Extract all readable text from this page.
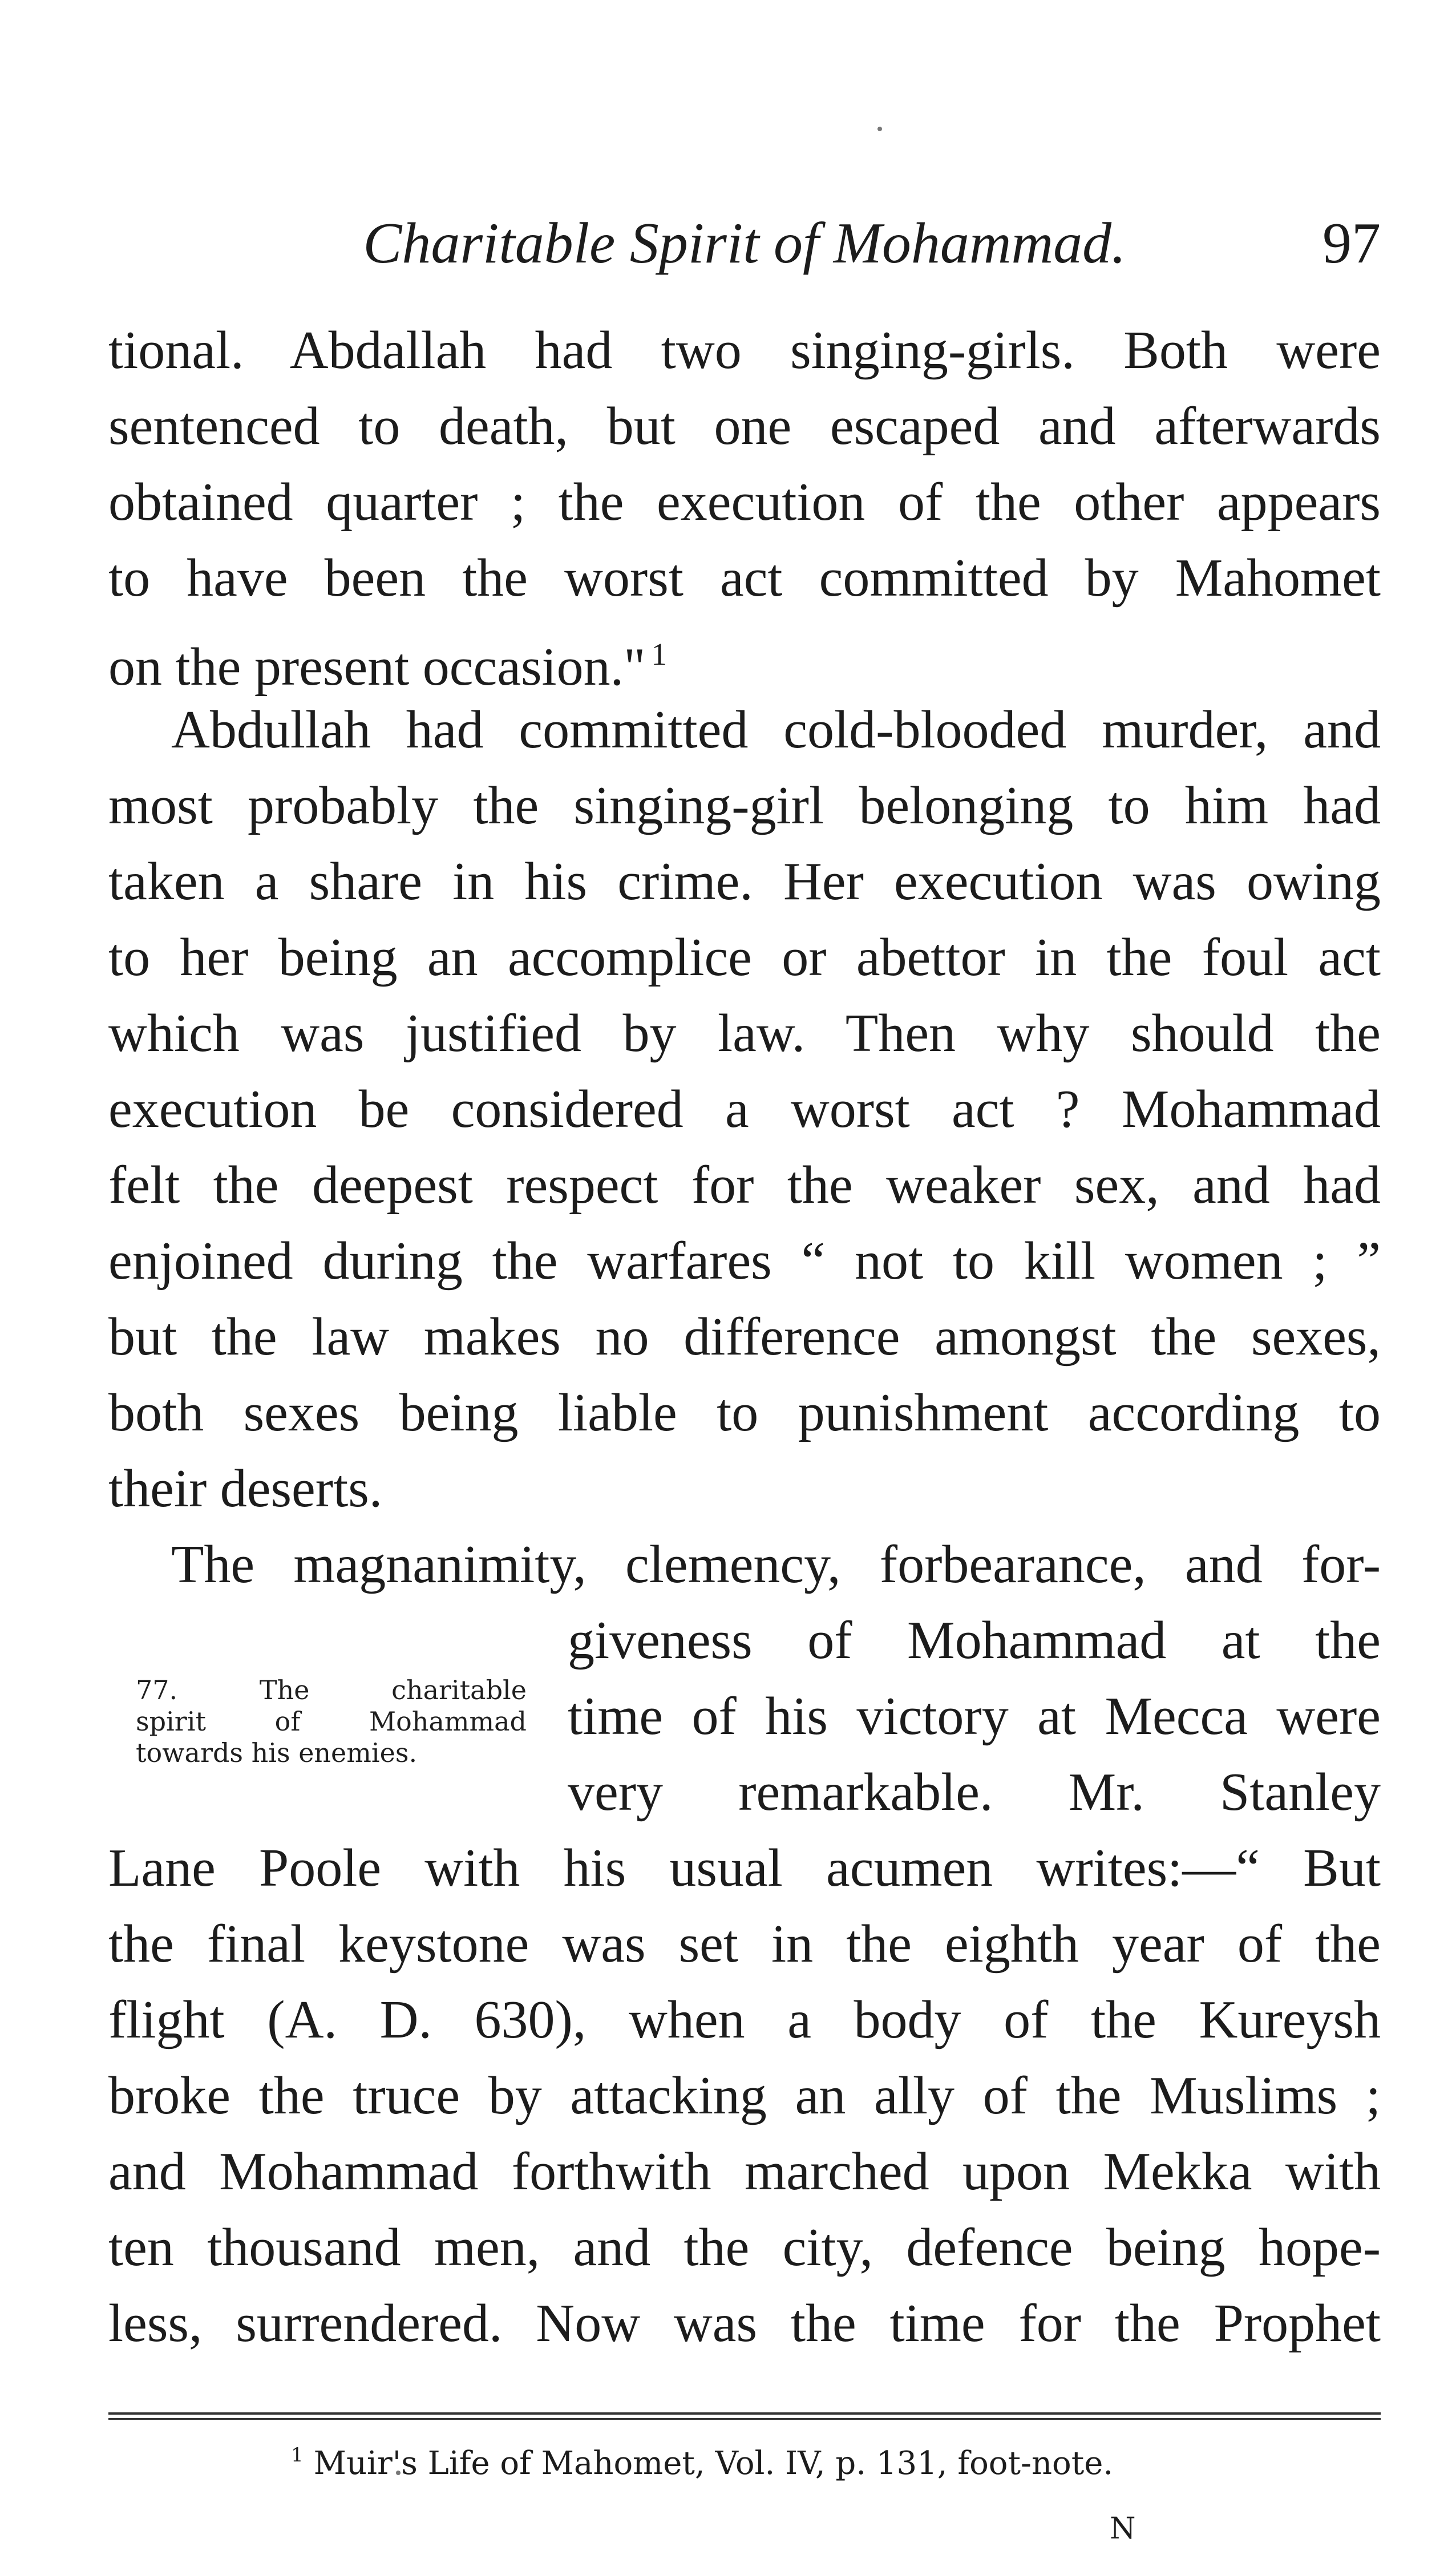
Charitable Spirit of Mohammad.	97
tional. Abdallah had two singing-girls. Both were
sentenced to death, but one escaped and afterwards
obtained quarter ; the execution of the other appears
to have been the worst act committed by Mahomet
on the present occasion." $^1$
Abdullah had committed cold-blooded murder, and
most probably the singing-girl belonging to him had
taken a share in his crime. Her execution was owing
to her being an accomplice or abettor in the foul act
which was justified by law. Then why should the
execution be considered a worst act ? Mohammad
felt the deepest respect for the weaker sex, and had
enjoined during the warfares “ not to kill women ; ”
but the law makes no difference amongst the sexes,
both sexes being liable to punishment according to
their deserts.
The magnanimity, clemency, forbearance, and for-
giveness of Mohammad at the
time of his victory at Mecca were
very remarkable. Mr. Stanley
Lane Poole with his usual acumen writes:—“ But
the final keystone was set in the eighth year of the
flight (A. D. 630), when a body of the Kureysh
broke the truce by attacking an ally of the Muslims ;
and Mohammad forthwith marched upon Mekka with
ten thousand men, and the city, defence being hope-
less, surrendered. Now was the time for the Prophet
77. The charitable
spirit of Mohammad
towards his enemies.
$^1$ Muir's Life of Mahomet, Vol. IV, p. 131, foot-note.
N
